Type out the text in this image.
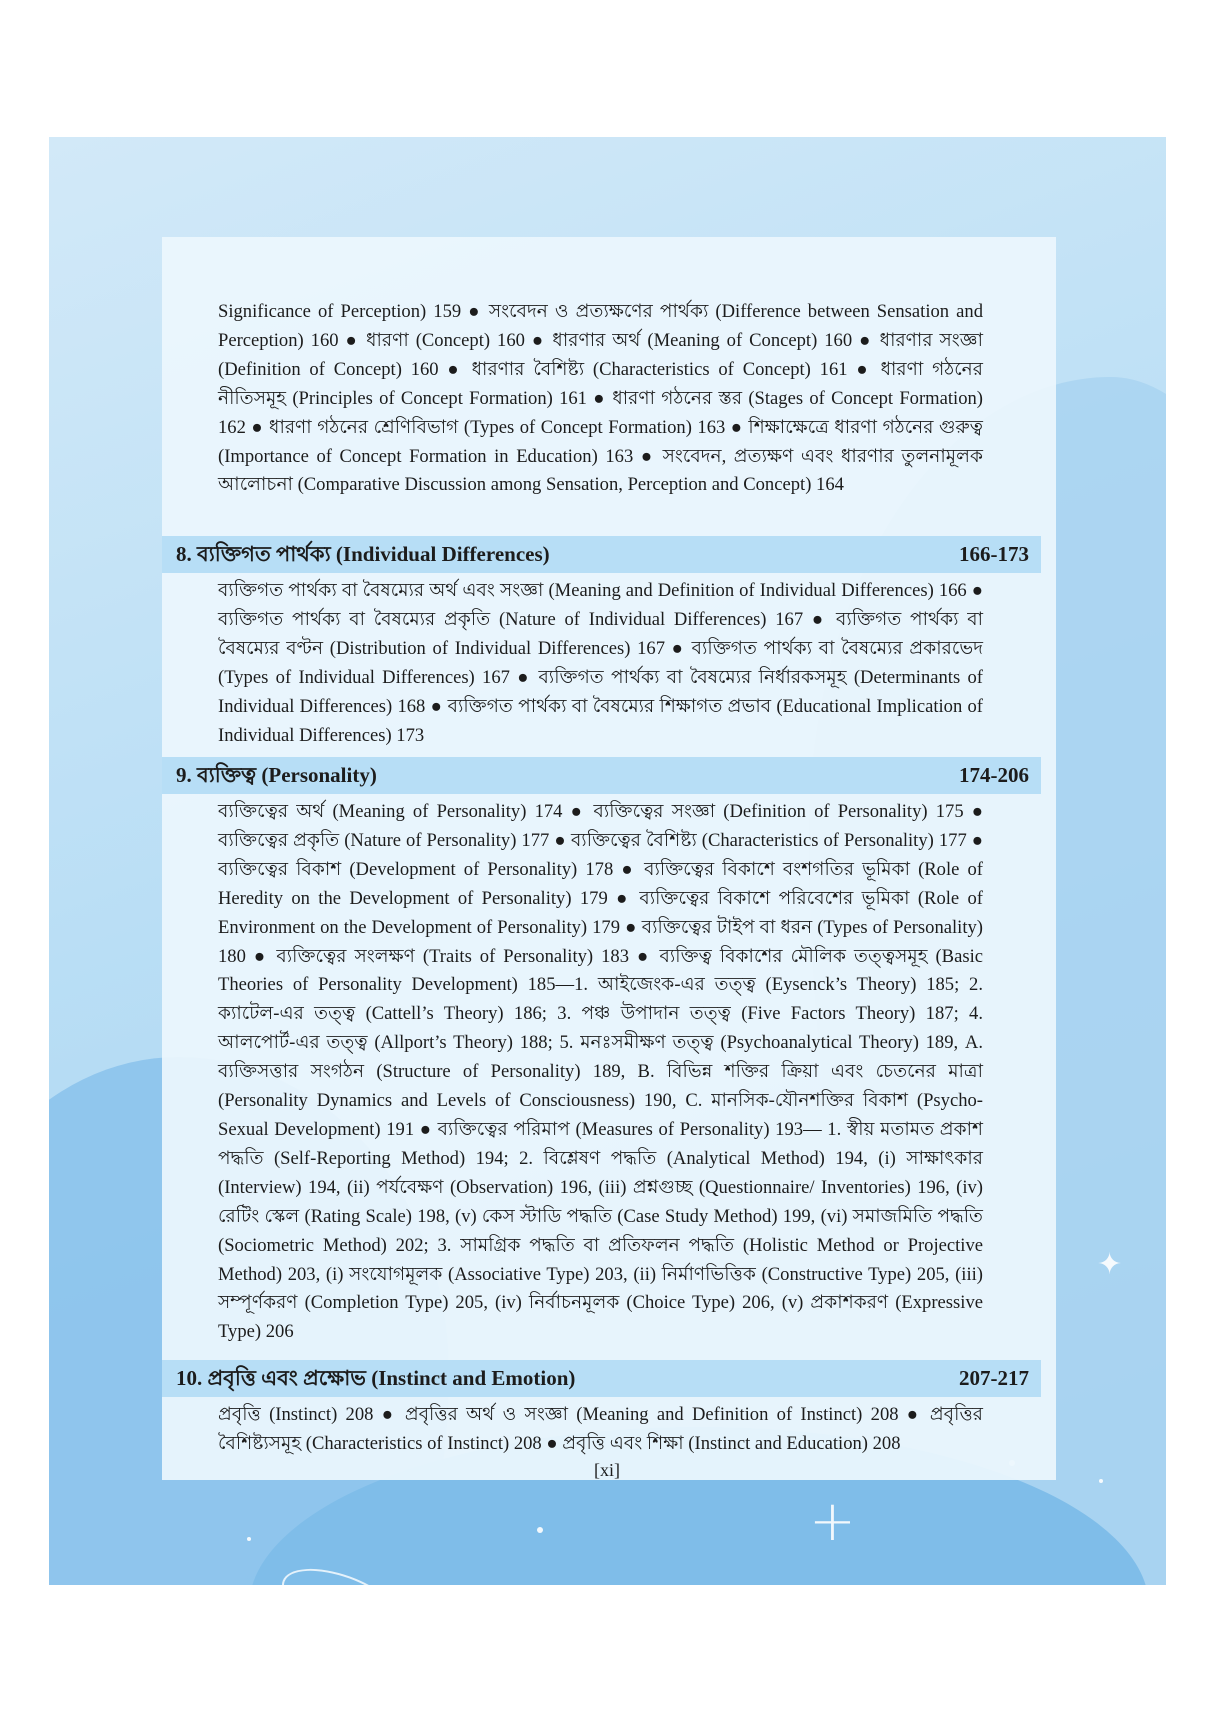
✦
+
Significance of Perception) 159 ● সংবেদন ও প্রত্যক্ষণের পার্থক্য (Difference between Sensation and Perception) 160 ● ধারণা (Concept) 160 ● ধারণার অর্থ (Meaning of Concept) 160 ● ধারণার সংজ্ঞা (Definition of Concept) 160 ● ধারণার বৈশিষ্ট্য (Characteristics of Concept) 161 ● ধারণা গঠনের নীতিসমূহ (Principles of Concept Formation) 161 ● ধারণা গঠনের স্তর (Stages of Concept Formation) 162 ● ধারণা গঠনের শ্রেণিবিভাগ (Types of Concept Formation) 163 ● শিক্ষাক্ষেত্রে ধারণা গঠনের গুরুত্ব (Importance of Concept Formation in Education) 163 ● সংবেদন, প্রত্যক্ষণ এবং ধারণার তুলনামূলক আলোচনা (Comparative Discussion among Sensation, Perception and Concept) 164
8. ব্যক্তিগত পার্থক্য (Individual Differences)	166-173
ব্যক্তিগত পার্থক্য বা বৈষম্যের অর্থ এবং সংজ্ঞা (Meaning and Definition of Individual Differences) 166 ● ব্যক্তিগত পার্থক্য বা বৈষম্যের প্রকৃতি (Nature of Individual Differences) 167 ● ব্যক্তিগত পার্থক্য বা বৈষম্যের বণ্টন (Distribution of Individual Differences) 167 ● ব্যক্তিগত পার্থক্য বা বৈষম্যের প্রকারভেদ (Types of Individual Differences) 167 ● ব্যক্তিগত পার্থক্য বা বৈষম্যের নির্ধারকসমূহ (Determinants of Individual Differences) 168 ● ব্যক্তিগত পার্থক্য বা বৈষম্যের শিক্ষাগত প্রভাব (Educational Implication of Individual Differences) 173
9. ব্যক্তিত্ব (Personality)	174-206
ব্যক্তিত্বের অর্থ (Meaning of Personality) 174 ● ব্যক্তিত্বের সংজ্ঞা (Definition of Personality) 175 ● ব্যক্তিত্বের প্রকৃতি (Nature of Personality) 177 ● ব্যক্তিত্বের বৈশিষ্ট্য (Characteristics of Personality) 177 ● ব্যক্তিত্বের বিকাশ (Development of Personality) 178 ● ব্যক্তিত্বের বিকাশে বংশগতির ভূমিকা (Role of Heredity on the Development of Personality) 179 ● ব্যক্তিত্বের বিকাশে পরিবেশের ভূমিকা (Role of Environment on the Development of Personality) 179 ● ব্যক্তিত্বের টাইপ বা ধরন (Types of Personality) 180 ● ব্যক্তিত্বের সংলক্ষণ (Traits of Personality) 183 ● ব্যক্তিত্ব বিকাশের মৌলিক তত্ত্বসমূহ (Basic Theories of Personality Development) 185—1. আইজেংক-এর তত্ত্ব (Eysenck’s Theory) 185; 2. ক্যাটেল-এর তত্ত্ব (Cattell’s Theory) 186; 3. পঞ্চ উপাদান তত্ত্ব (Five Factors Theory) 187; 4. আলপোর্ট-এর তত্ত্ব (Allport’s Theory) 188; 5. মনঃসমীক্ষণ তত্ত্ব (Psychoanalytical Theory) 189, A. ব্যক্তিসত্তার সংগঠন (Structure of Personality) 189, B. বিভিন্ন শক্তির ক্রিয়া এবং চেতনের মাত্রা (Personality Dynamics and Levels of Consciousness) 190, C. মানসিক-যৌনশক্তির বিকাশ (Psycho-Sexual Development) 191 ● ব্যক্তিত্বের পরিমাপ (Measures of Personality) 193— 1. স্বীয় মতামত প্রকাশ পদ্ধতি (Self-Reporting Method) 194; 2. বিশ্লেষণ পদ্ধতি (Analytical Method) 194, (i) সাক্ষাৎকার (Interview) 194, (ii) পর্যবেক্ষণ (Observation) 196, (iii) প্রশ্নগুচ্ছ (Questionnaire/ Inventories) 196, (iv) রেটিং স্কেল (Rating Scale) 198, (v) কেস স্টাডি পদ্ধতি (Case Study Method) 199, (vi) সমাজমিতি পদ্ধতি (Sociometric Method) 202; 3. সামগ্রিক পদ্ধতি বা প্রতিফলন পদ্ধতি (Holistic Method or Projective Method) 203, (i) সংযোগমূলক (Associative Type) 203, (ii) নির্মাণভিত্তিক (Constructive Type) 205, (iii) সম্পূর্ণকরণ (Completion Type) 205, (iv) নির্বাচনমূলক (Choice Type) 206, (v) প্রকাশকরণ (Expressive Type) 206
10. প্রবৃত্তি এবং প্রক্ষোভ (Instinct and Emotion)	207-217
প্রবৃত্তি (Instinct) 208 ● প্রবৃত্তির অর্থ ও সংজ্ঞা (Meaning and Definition of Instinct) 208 ● প্রবৃত্তির বৈশিষ্ট্যসমূহ (Characteristics of Instinct) 208 ● প্রবৃত্তি এবং শিক্ষা (Instinct and Education) 208
[xi]
